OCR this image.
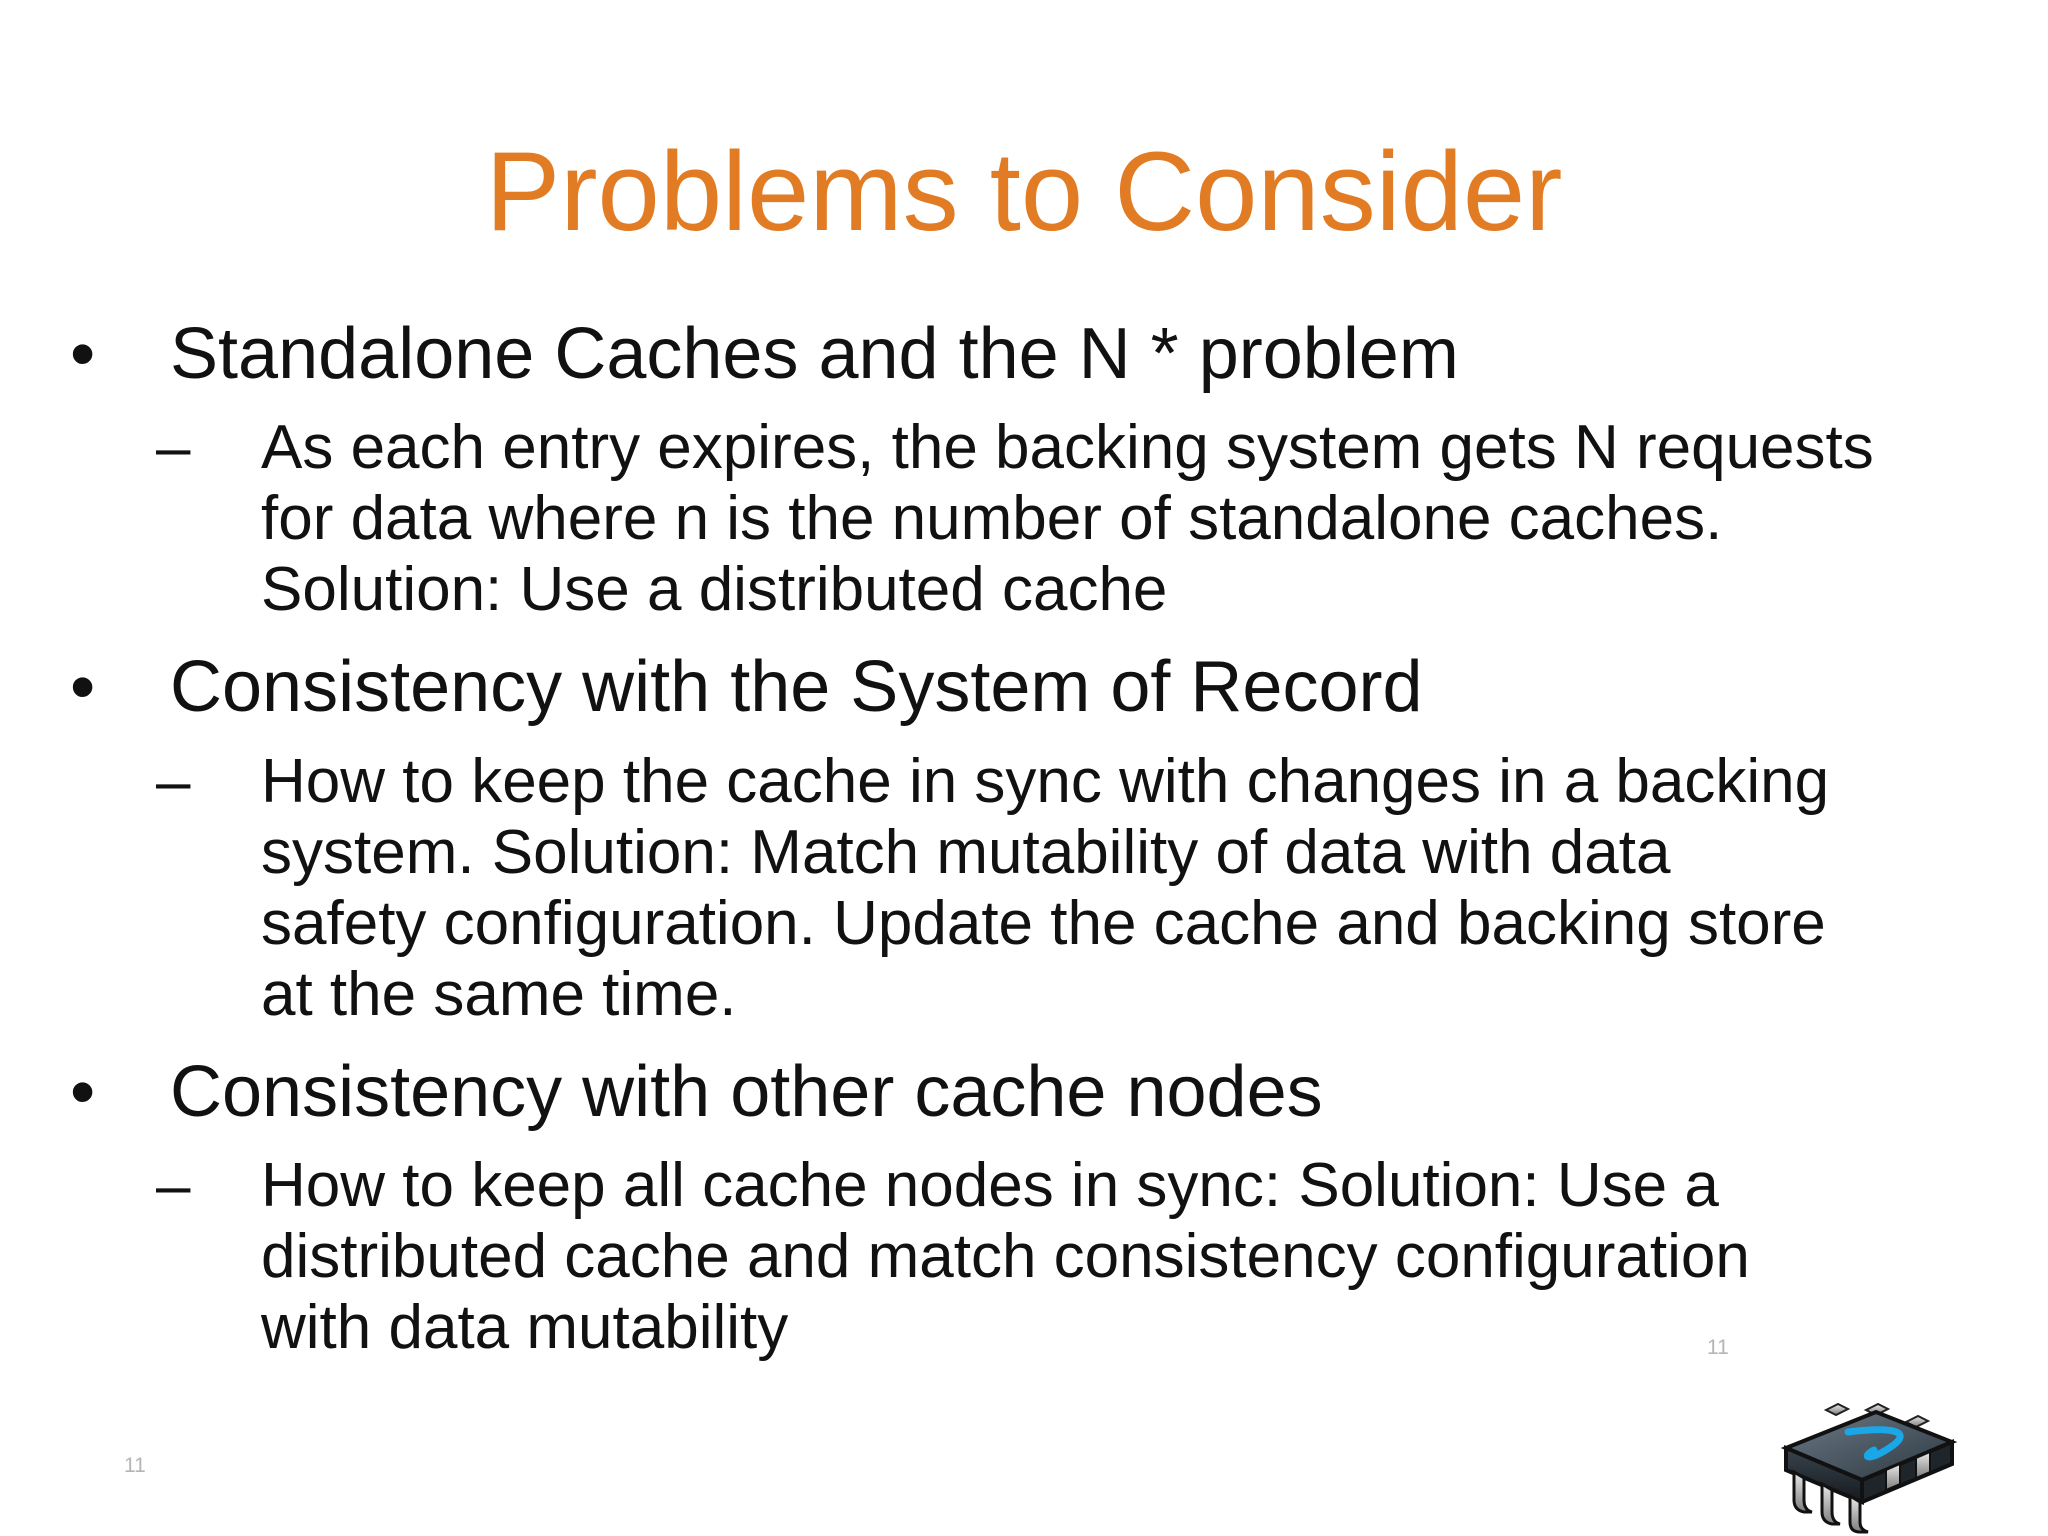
Problems to Consider
• Standalone Caches and the N * problem
–	As each entry expires, the backing system gets N requests
for data where n is the number of standalone caches.
Solution: Use a distributed cache
• Consistency with the System of Record
–	How to keep the cache in sync with changes in a backing
system. Solution: Match mutability of data with data
safety configuration. Update the cache and backing store
at the same time.
• Consistency with other cache nodes
–	How to keep all cache nodes in sync: Solution: Use a
distributed cache and match consistency configuration
with data mutability	11
11
